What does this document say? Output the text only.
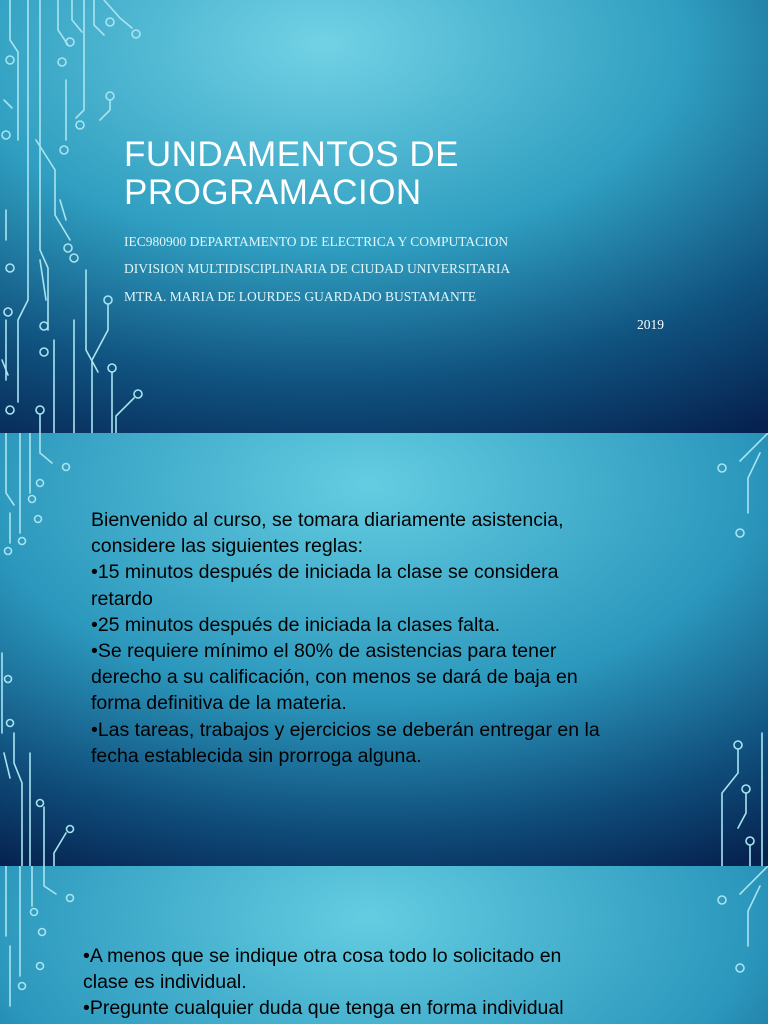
FUNDAMENTOS DE
PROGRAMACION
IEC980900 DEPARTAMENTO DE ELECTRICA Y COMPUTACION
DIVISION MULTIDISCIPLINARIA DE CIUDAD UNIVERSITARIA
MTRA. MARIA DE LOURDES GUARDADO BUSTAMANTE
2019
Bienvenido al curso, se tomara diariamente asistencia,
considere las siguientes reglas:
•15 minutos después de iniciada la clase se considera
retardo
•25 minutos después de iniciada la clases falta.
•Se requiere mínimo el 80% de asistencias para tener
derecho a su calificación, con menos se dará de baja en
forma definitiva de la materia.
•Las tareas, trabajos y ejercicios se deberán entregar en la
fecha establecida sin prorroga alguna.
•A menos que se indique otra cosa todo lo solicitado en
clase es individual.
•Pregunte cualquier duda que tenga en forma individual
